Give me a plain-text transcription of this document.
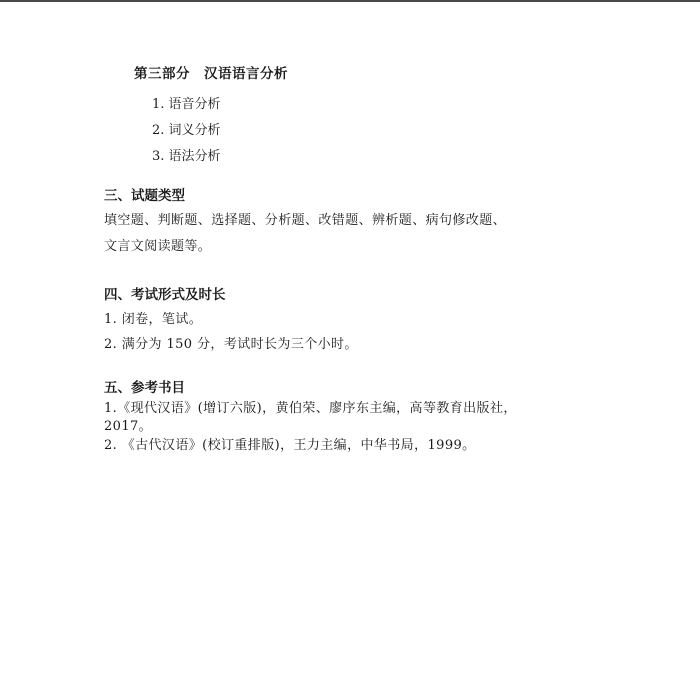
第三部分　汉语语言分析
1. 语音分析
2. 词义分析
3. 语法分析
三、试题类型
填空题、判断题、选择题、分析题、改错题、辨析题、病句修改题、
文言文阅读题等。
四、考试形式及时长
1. 闭卷，笔试。
2. 满分为 150 分，考试时长为三个小时。
五、参考书目
1.《现代汉语》(增订六版)，黄伯荣、廖序东主编，高等教育出版社，
2017。
2. 《古代汉语》(校订重排版)，王力主编，中华书局，1999。
